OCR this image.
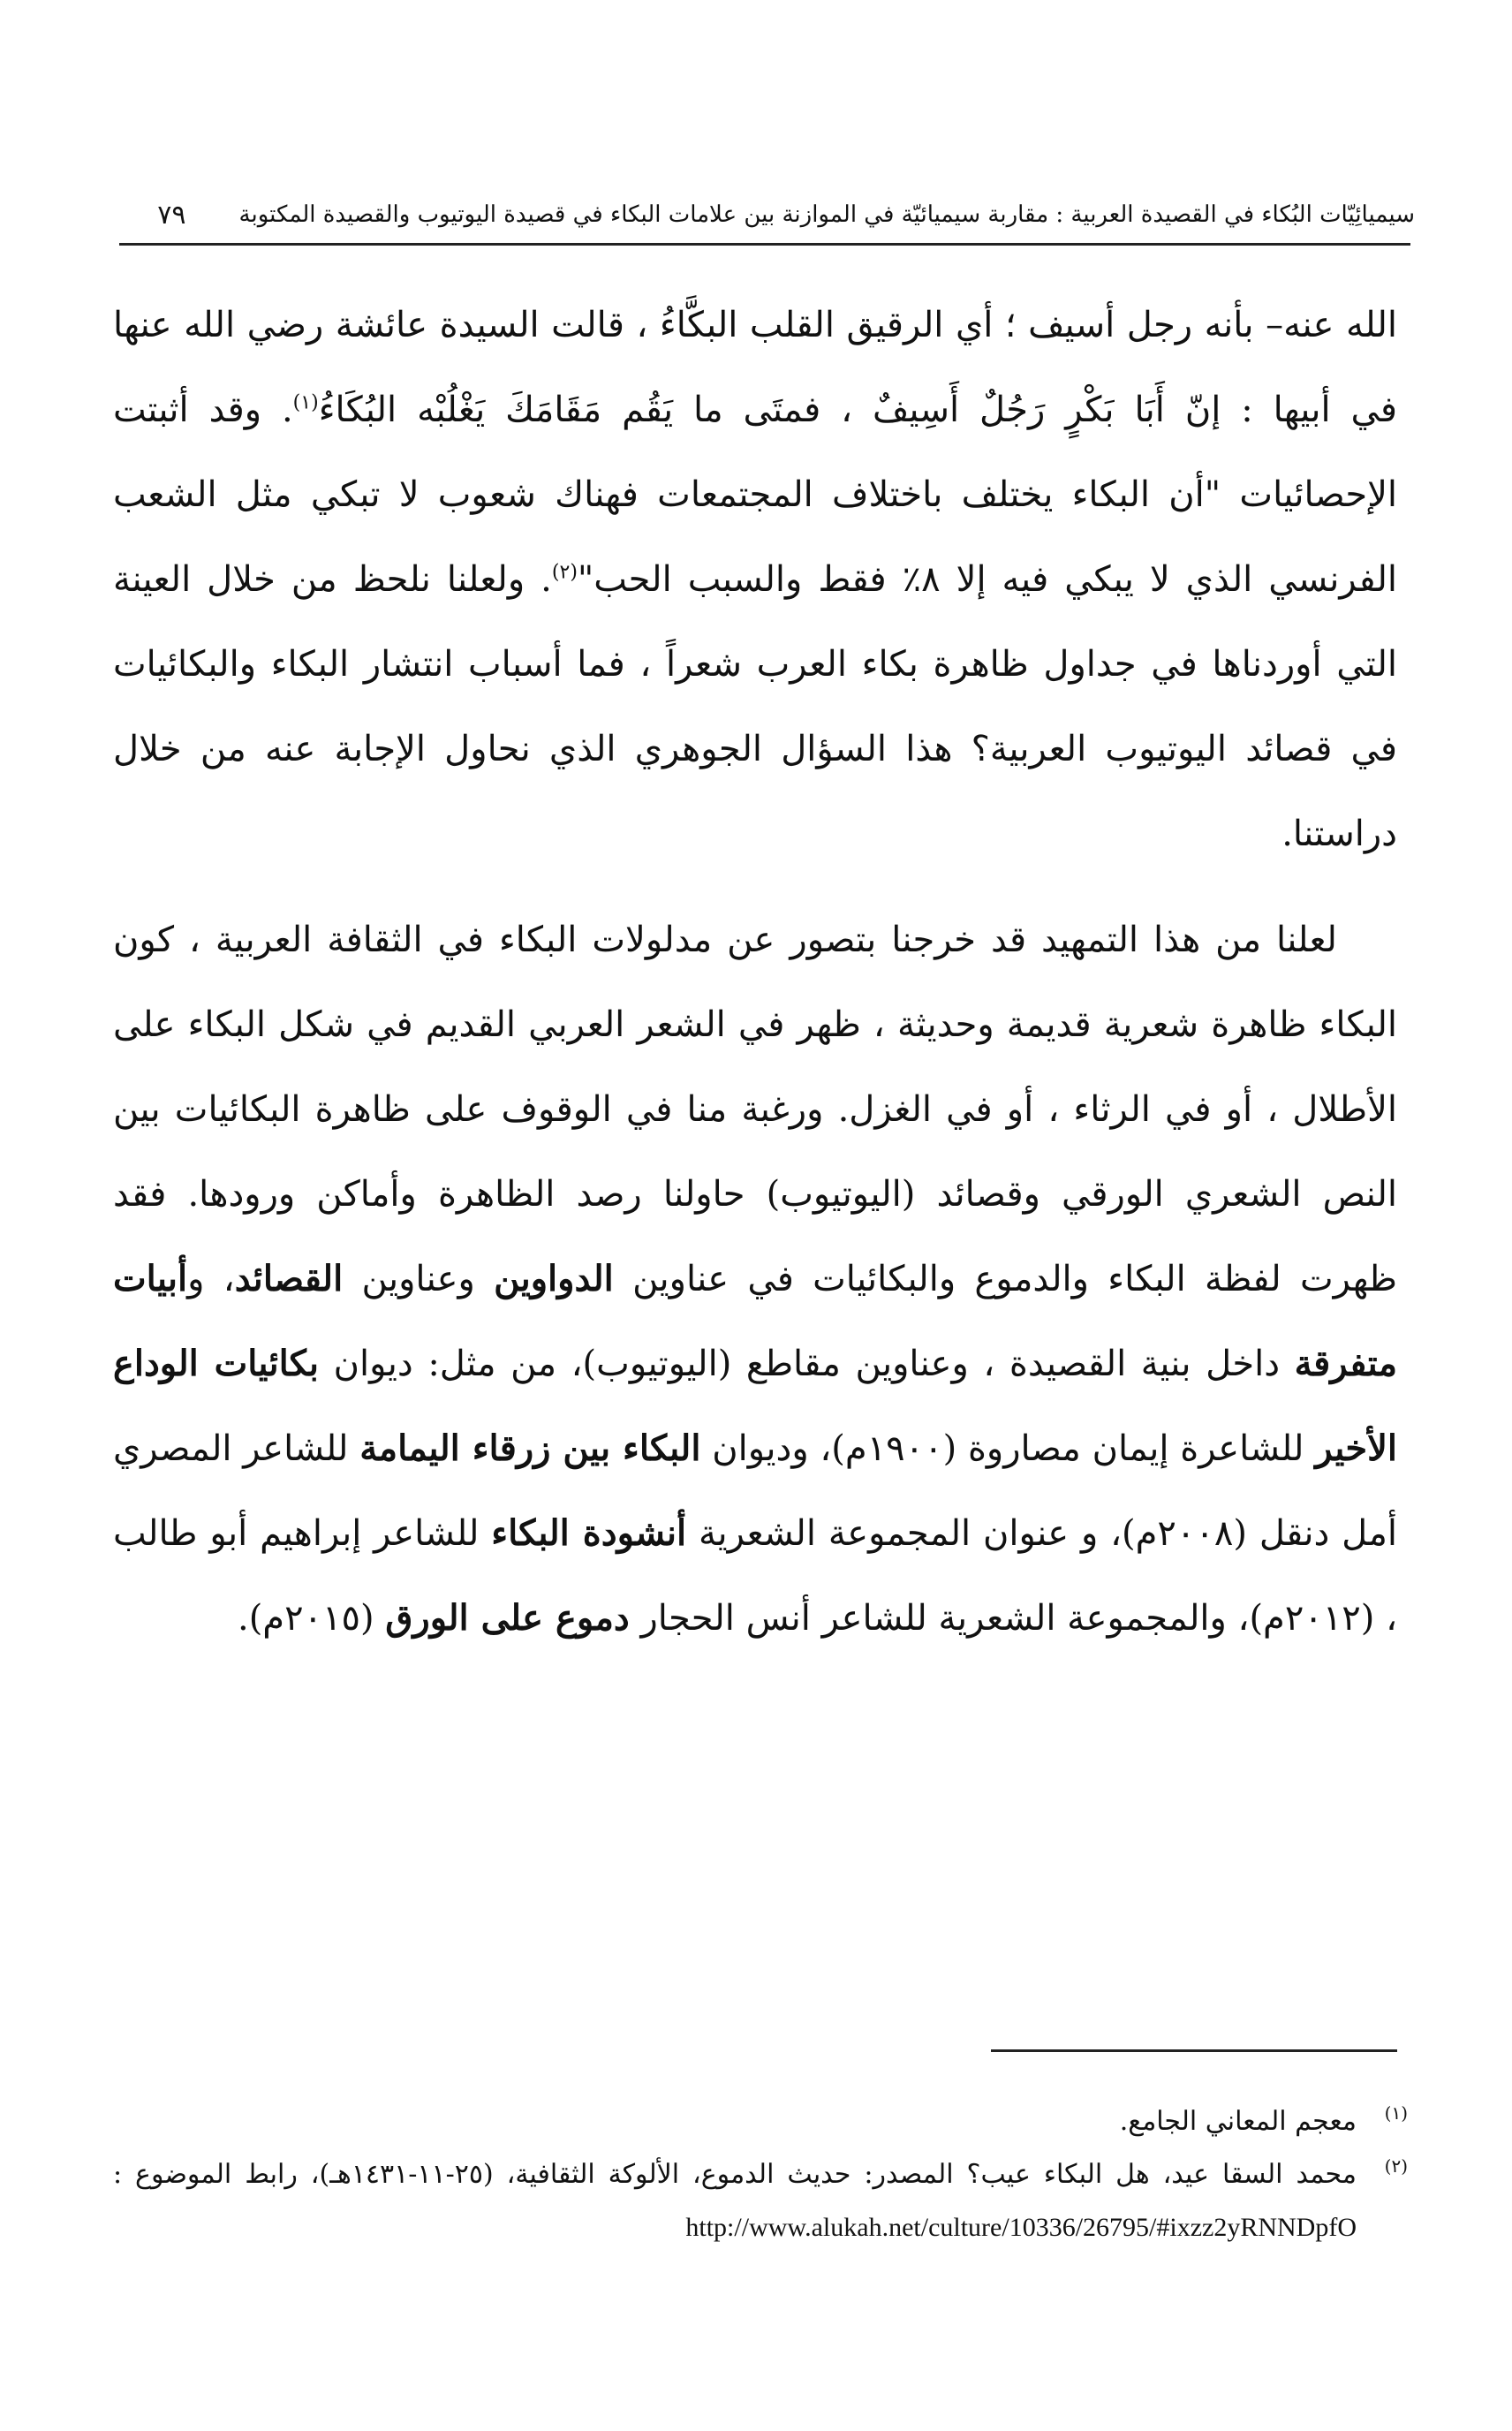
سيميائِيّات البُكاء في القصيدة العربية : مقاربة سيميائيّة في الموازنة بين علامات البكاء في قصيدة اليوتيوب والقصيدة المكتوبة
٧٩

الله عنه– بأنه رجل أسيف ؛ أي الرقيق القلب البكَّاءُ ، قالت السيدة عائشة رضي الله عنها في أبيها : إنّ أَبَا بَكْرٍ رَجُلٌ أَسِيفٌ ، فمتَى ما يَقُم مَقَامَكَ يَغْلُبْه البُكَاءُ$^{(١)}$. وقد أثبتت الإحصائيات "أن البكاء يختلف باختلاف المجتمعات فهناك شعوب لا تبكي مثل الشعب الفرنسي الذي لا يبكي فيه إلا ٨٪ فقط والسبب الحب"$^{(٢)}$. ولعلنا نلحظ من خلال العينة التي أوردناها في جداول ظاهرة بكاء العرب شعراً ، فما أسباب انتشار البكاء والبكائيات في قصائد اليوتيوب العربية؟ هذا السؤال الجوهري الذي نحاول الإجابة عنه من خلال دراستنا.

لعلنا من هذا التمهيد قد خرجنا بتصور عن مدلولات البكاء في الثقافة العربية ، كون البكاء ظاهرة شعرية قديمة وحديثة ، ظهر في الشعر العربي القديم في شكل البكاء على الأطلال ، أو في الرثاء ، أو في الغزل. ورغبة منا في الوقوف على ظاهرة البكائيات بين النص الشعري الورقي وقصائد (اليوتيوب) حاولنا رصد الظاهرة وأماكن ورودها. فقد ظهرت لفظة البكاء والدموع والبكائيات في عناوين الدواوين وعناوين القصائد، وأبيات متفرقة داخل بنية القصيدة ، وعناوين مقاطع (اليوتيوب)، من مثل: ديوان بكائيات الوداع الأخير للشاعرة إيمان مصاروة (١٩٠٠م)، وديوان البكاء بين زرقاء اليمامة للشاعر المصري أمل دنقل (٢٠٠٨م)، و عنوان المجموعة الشعرية أنشودة البكاء للشاعر إبراهيم أبو طالب ، (٢٠١٢م)، والمجموعة الشعرية للشاعر أنس الحجار دموع على الورق (٢٠١٥م).

(١)
معجم المعاني الجامع.
(٢)
محمد السقا عيد، هل البكاء عيب؟ المصدر: حديث الدموع، الألوكة الثقافية، (٢٥-١١-١٤٣١هـ)، رابط الموضوع : http://www.alukah.net/culture/10336/26795/#ixzz2yRNNDpfO
